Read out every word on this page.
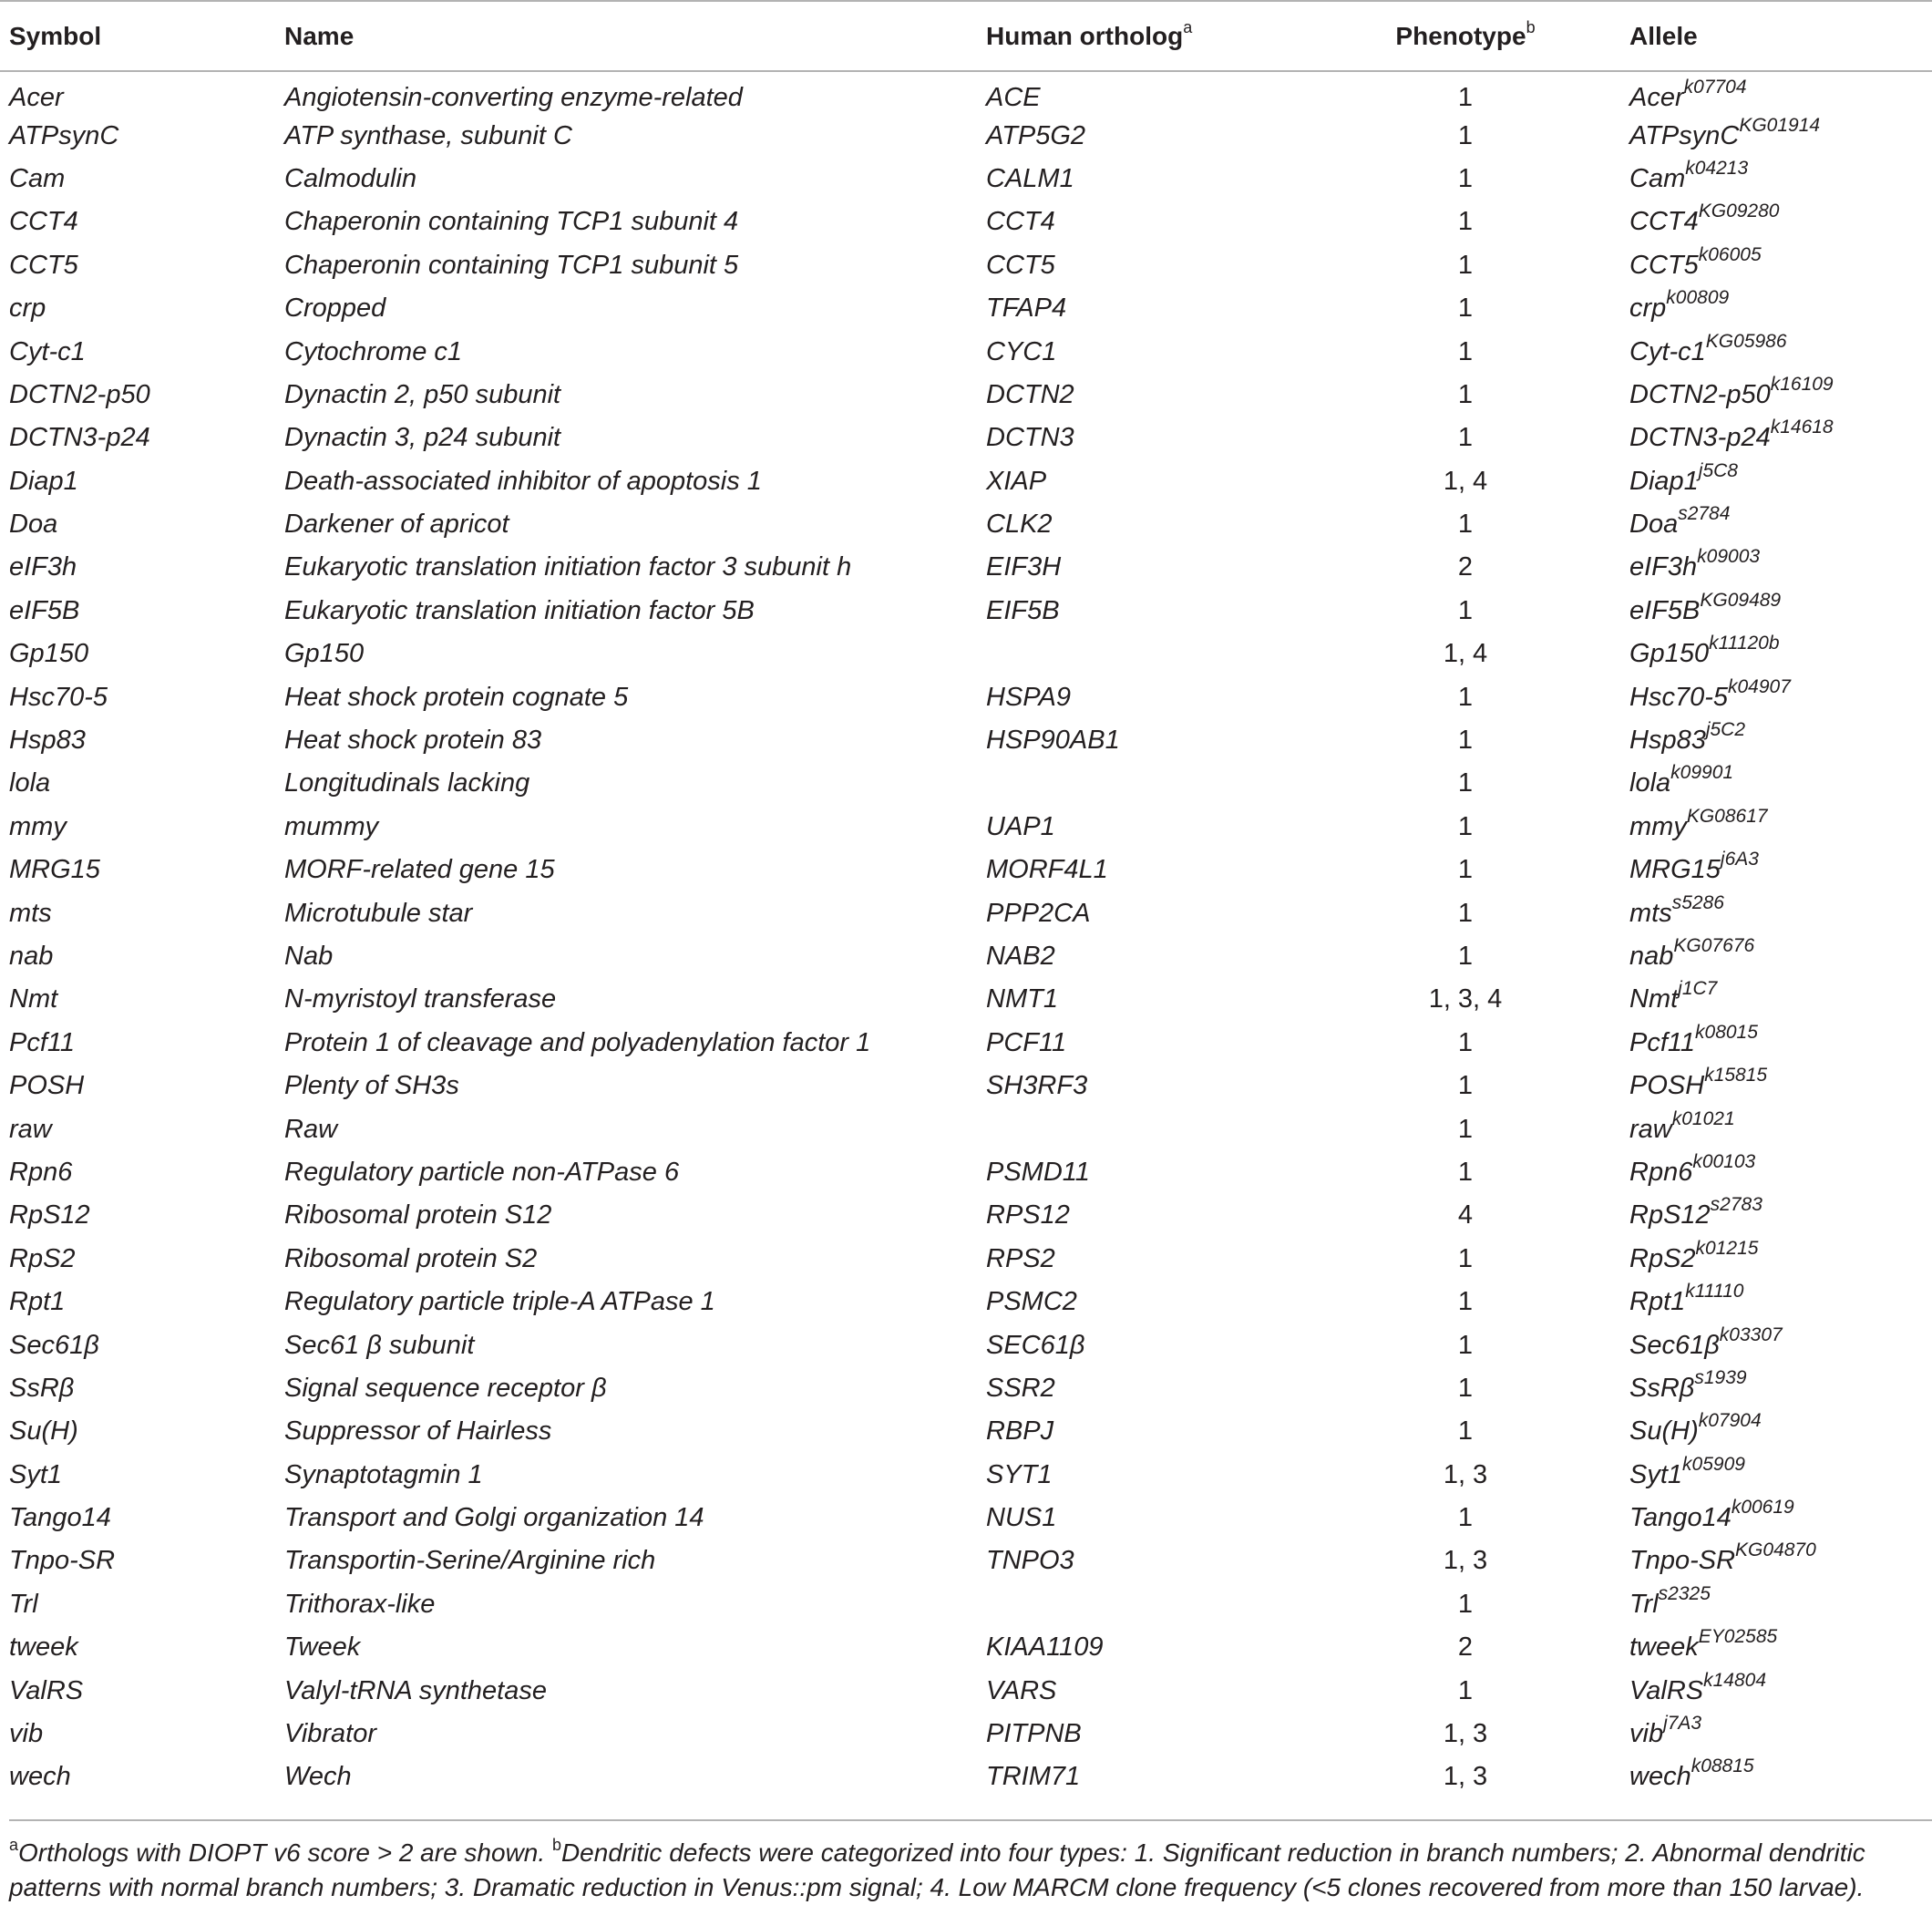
Symbol	Name	Human ortholog$^a$	Phenotype$^b$	Allele
Acer	Angiotensin-converting enzyme-related	ACE	1	Acer$^{k07704}$
ATPsynC	ATP synthase, subunit C	ATP5G2	1	ATPsynC$^{KG01914}$
Cam	Calmodulin	CALM1	1	Cam$^{k04213}$
CCT4	Chaperonin containing TCP1 subunit 4	CCT4	1	$CCT4^{KG09280}$
CCT5	Chaperonin containing TCP1 subunit 5	CCT5	1	$CCT5^{k06005}$
crp	Cropped	TFAP4	1	crp$^{k00809}$
Cyt-c1	Cytochrome c1	CYC1	1	Cyt-$c1^{KG05986}$
DCTN2-p50	Dynactin 2, p50 subunit	DCTN2	1	$DCTN2-p50^{k16109}$
DCTN3-p24	Dynactin 3, p24 subunit	DCTN3	1	$DCTN3-p24^{k14618}$
Diap1	Death-associated inhibitor of apoptosis 1	XIAP	1, 4	$Diap1^{j5C8}$
Doa	Darkener of apricot	CLK2	1	Doa$^{s2784}$
eIF3h	Eukaryotic translation initiation factor 3 subunit h	EIF3H	2	$eIF3h^{k09003}$
eIF5B	Eukaryotic translation initiation factor 5B	EIF5B	1	$eIF5B^{KG09489}$
Gp150	Gp150		1, 4	$Gp150^{k11120b}$
Hsc70-5	Heat shock protein cognate 5	HSPA9	1	$Hsc70-5^{k04907}$
Hsp83	Heat shock protein 83	HSP90AB1	1	$Hsp83^{j5C2}$
lola	Longitudinals lacking		1	lola$^{k09901}$
mmy	mummy	UAP1	1	mmy$^{KG08617}$
MRG15	MORF-related gene 15	MORF4L1	1	$MRG15^{j6A3}$
mts	Microtubule star	PPP2CA	1	mts$^{s5286}$
nab	Nab	NAB2	1	nab$^{KG07676}$
Nmt	N-myristoyl transferase	NMT1	1, 3, 4	Nmt$^{j1C7}$
Pcf11	Protein 1 of cleavage and polyadenylation factor 1	PCF11	1	$Pcf11^{k08015}$
POSH	Plenty of SH3s	SH3RF3	1	$POSH^{k15815}$
raw	Raw		1	raw$^{k01021}$
Rpn6	Regulatory particle non-ATPase 6	PSMD11	1	$Rpn6^{k00103}$
RpS12	Ribosomal protein S12	RPS12	4	$RpS12^{s2783}$
RpS2	Ribosomal protein S2	RPS2	1	$RpS2^{k01215}$
Rpt1	Regulatory particle triple-A ATPase 1	PSMC2	1	$Rpt1^{k11110}$
Sec61β	Sec61 β subunit	SEC61β	1	$Sec61\beta^{k03307}$
SsRβ	Signal sequence receptor β	SSR2	1	SsRβ$^{s1939}$
Su(H)	Suppressor of Hairless	RBPJ	1	$Su(H)^{k07904}$
Syt1	Synaptotagmin 1	SYT1	1, 3	$Syt1^{k05909}$
Tango14	Transport and Golgi organization 14	NUS1	1	$Tango14^{k00619}$
Tnpo-SR	Transportin-Serine/Arginine rich	TNPO3	1, 3	Tnpo-$SR^{KG04870}$
Trl	Trithorax-like		1	Trl$^{s2325}$
tweek	Tweek	KIAA1109	2	tweek$^{EY02585}$
ValRS	Valyl-tRNA synthetase	VARS	1	ValRS$^{k14804}$
vib	Vibrator	PITPNB	1, 3	vib$^{j7A3}$
wech	Wech	TRIM71	1, 3	wech$^{k08815}$
$^a$Orthologs with DIOPT v6 score > 2 are shown. $^b$Dendritic defects were categorized into four types: 1. Significant reduction in branch numbers; 2. Abnormal dendritic patterns with normal branch numbers; 3. Dramatic reduction in Venus::pm signal; 4. Low MARCM clone frequency (<5 clones recovered from more than 150 larvae).
